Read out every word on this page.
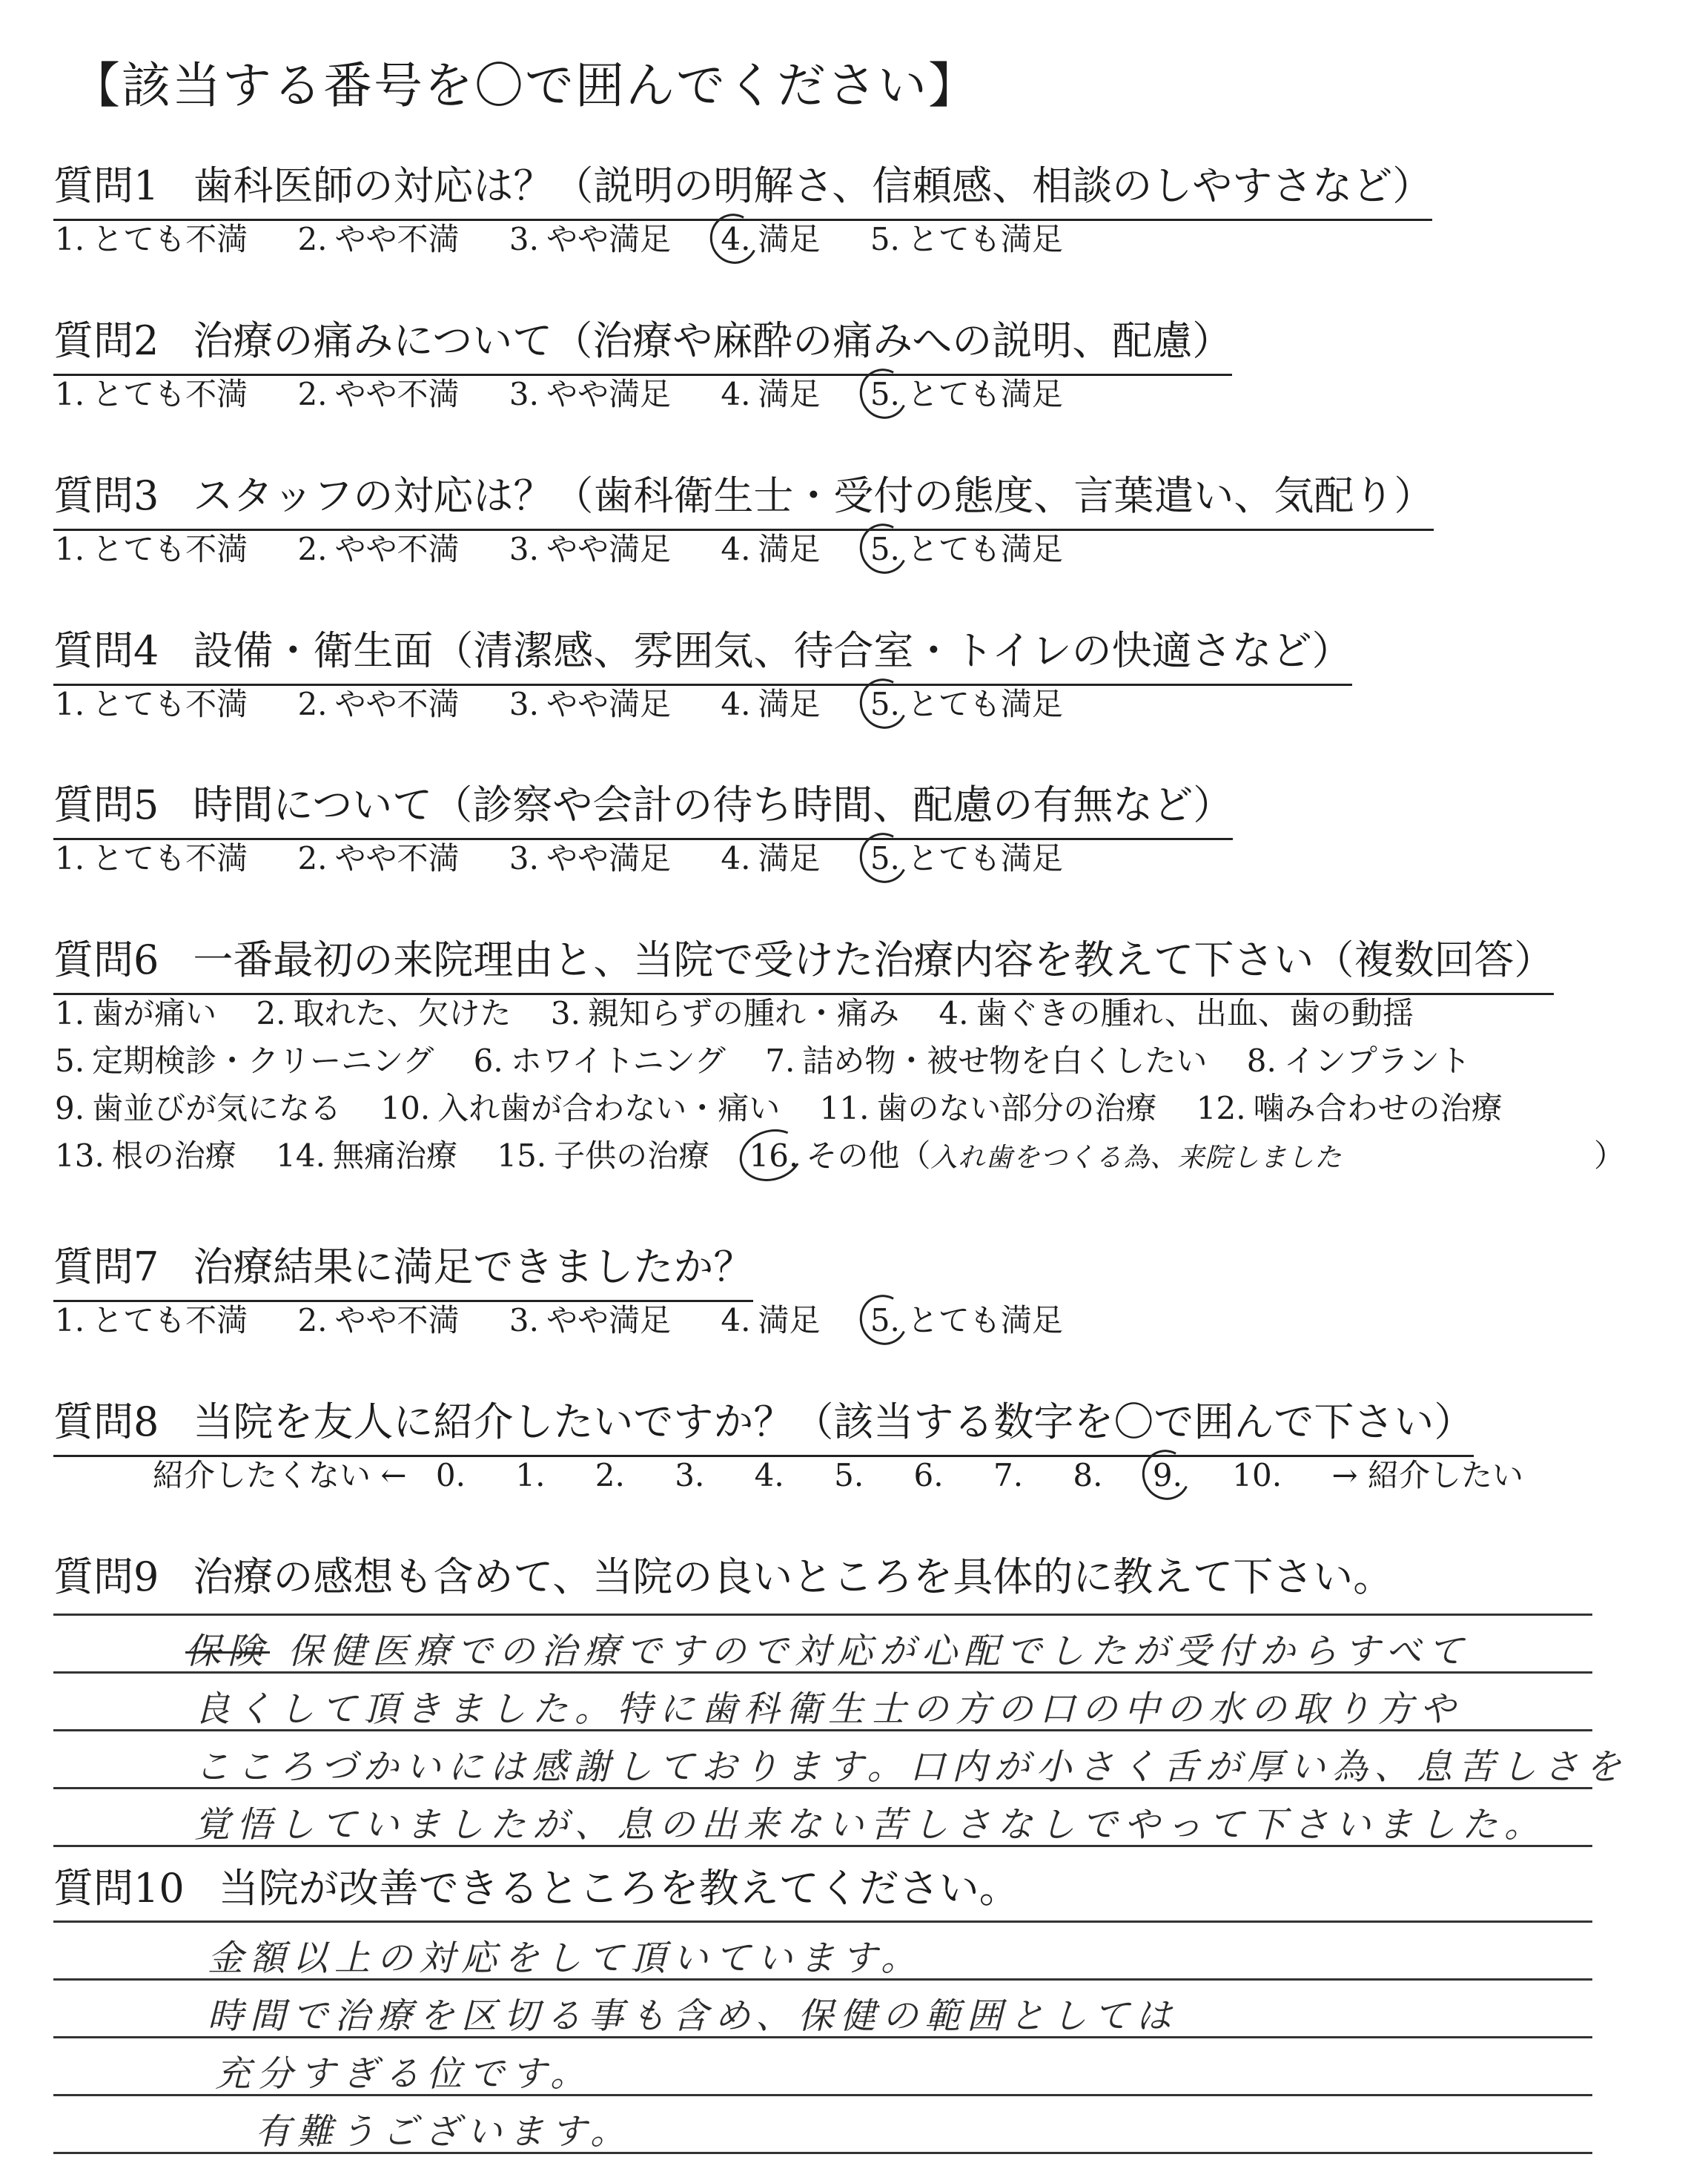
【該当する番号を〇で囲んでください】
質問1 歯科医師の対応は？（説明の明解さ、信頼感、相談のしやすさなど）
1. とても不満 2. やや不満 3. やや満足 4. 満足 5. とても満足
質問2 治療の痛みについて（治療や麻酔の痛みへの説明、配慮）
1. とても不満 2. やや不満 3. やや満足 4. 満足 5. とても満足
質問3 スタッフの対応は？（歯科衛生士・受付の態度、言葉遣い、気配り）
1. とても不満 2. やや不満 3. やや満足 4. 満足 5. とても満足
質問4 設備・衛生面（清潔感、雰囲気、待合室・トイレの快適さなど）
1. とても不満 2. やや不満 3. やや満足 4. 満足 5. とても満足
質問5 時間について（診察や会計の待ち時間、配慮の有無など）
1. とても不満 2. やや不満 3. やや満足 4. 満足 5. とても満足
質問6 一番最初の来院理由と、当院で受けた治療内容を教えて下さい（複数回答）
1. 歯が痛い 2. 取れた、欠けた 3. 親知らずの腫れ・痛み 4. 歯ぐきの腫れ、出血、歯の動揺
5. 定期検診・クリーニング 6. ホワイトニング 7. 詰め物・被せ物を白くしたい 8. インプラント
9. 歯並びが気になる 10. 入れ歯が合わない・痛い 11. 歯のない部分の治療 12. 噛み合わせの治療
13. 根の治療 14. 無痛治療 15. 子供の治療 16. その他（入れ歯をつくる為、来院しました	）
質問7 治療結果に満足できましたか？
1. とても不満 2. やや不満 3. やや満足 4. 満足 5. とても満足
質問8 当院を友人に紹介したいですか？（該当する数字を〇で囲んで下さい）
紹介したくない ← 0. 1. 2. 3. 4. 5. 6. 7. 8. 9. 10. → 紹介したい
質問9 治療の感想も含めて、当院の良いところを具体的に教えて下さい。
保険 保健医療での治療ですので対応が心配でしたが受付からすべて
良くして頂きました。特に歯科衛生士の方の口の中の水の取り方や
こころづかいには感謝しております。口内が小さく舌が厚い為、息苦しさを
覚悟していましたが、息の出来ない苦しさなしでやって下さいました。
質問10 当院が改善できるところを教えてください。
金額以上の対応をして頂いています。
時間で治療を区切る事も含め、保健の範囲としては
充分すぎる位です。
有難うございます。
